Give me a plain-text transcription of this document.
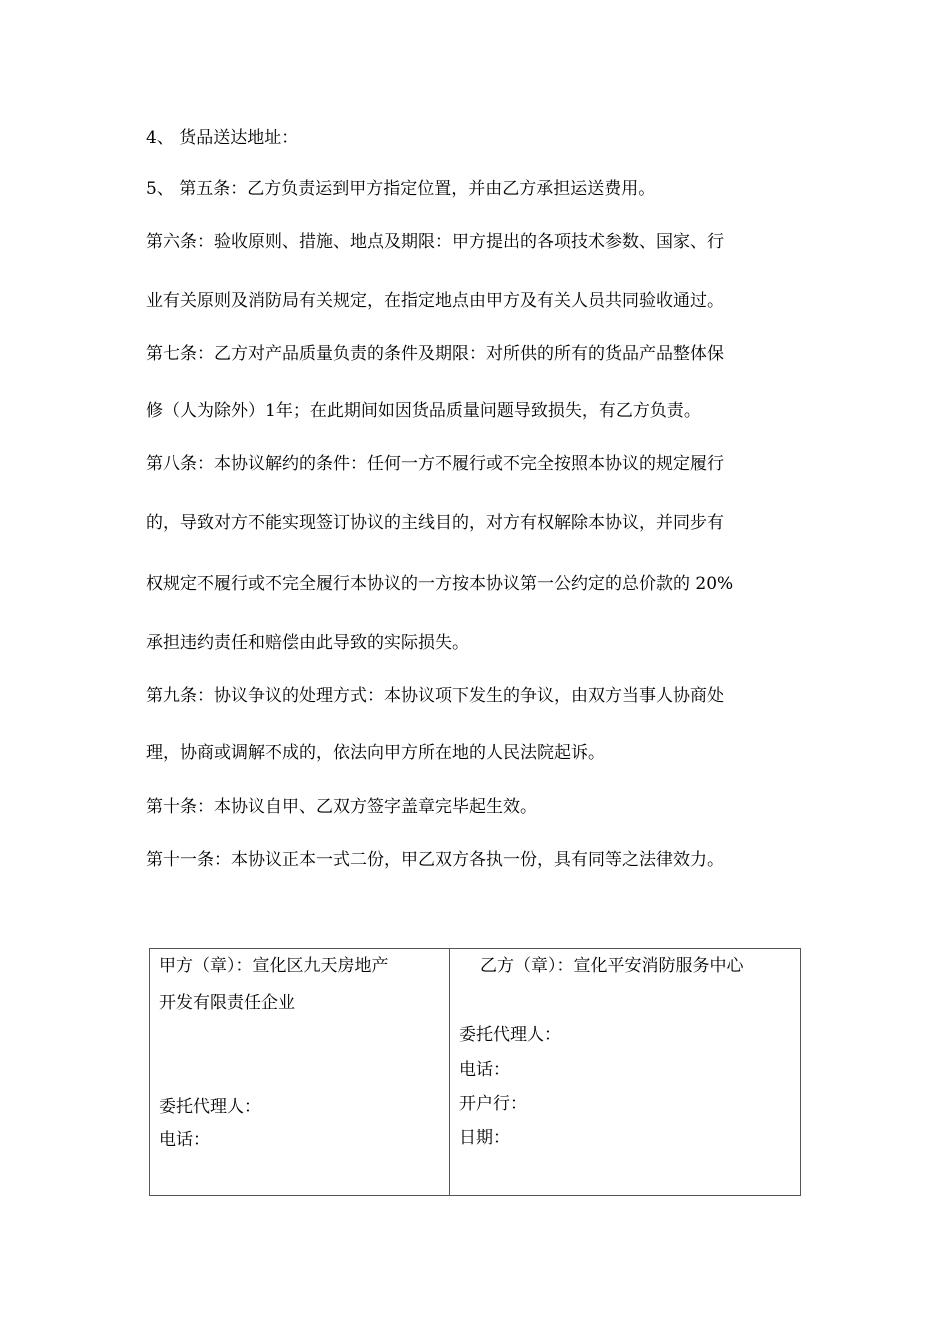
4、 货品送达地址：
5、 第五条：乙方负责运到甲方指定位置，并由乙方承担运送费用。
第六条：验收原则、措施、地点及期限：甲方提出的各项技术参数、国家、行
业有关原则及消防局有关规定，在指定地点由甲方及有关人员共同验收通过。
第七条：乙方对产品质量负责的条件及期限：对所供的所有的货品产品整体保
修（人为除外）1年；在此期间如因货品质量问题导致损失，有乙方负责。
第八条：本协议解约的条件：任何一方不履行或不完全按照本协议的规定履行
的，导致对方不能实现签订协议的主线目的，对方有权解除本协议，并同步有
权规定不履行或不完全履行本协议的一方按本协议第一公约定的总价款的 20%
承担违约责任和赔偿由此导致的实际损失。
第九条：协议争议的处理方式：本协议项下发生的争议，由双方当事人协商处
理，协商或调解不成的，依法向甲方所在地的人民法院起诉。
第十条：本协议自甲、乙双方签字盖章完毕起生效。
第十一条：本协议正本一式二份，甲乙双方各执一份，具有同等之法律效力。
甲方（章）：宣化区九天房地产
开发有限责任企业
委托代理人：
电话：
乙方（章）：宣化平安消防服务中心
委托代理人：
电话：
开户行：
日期：
